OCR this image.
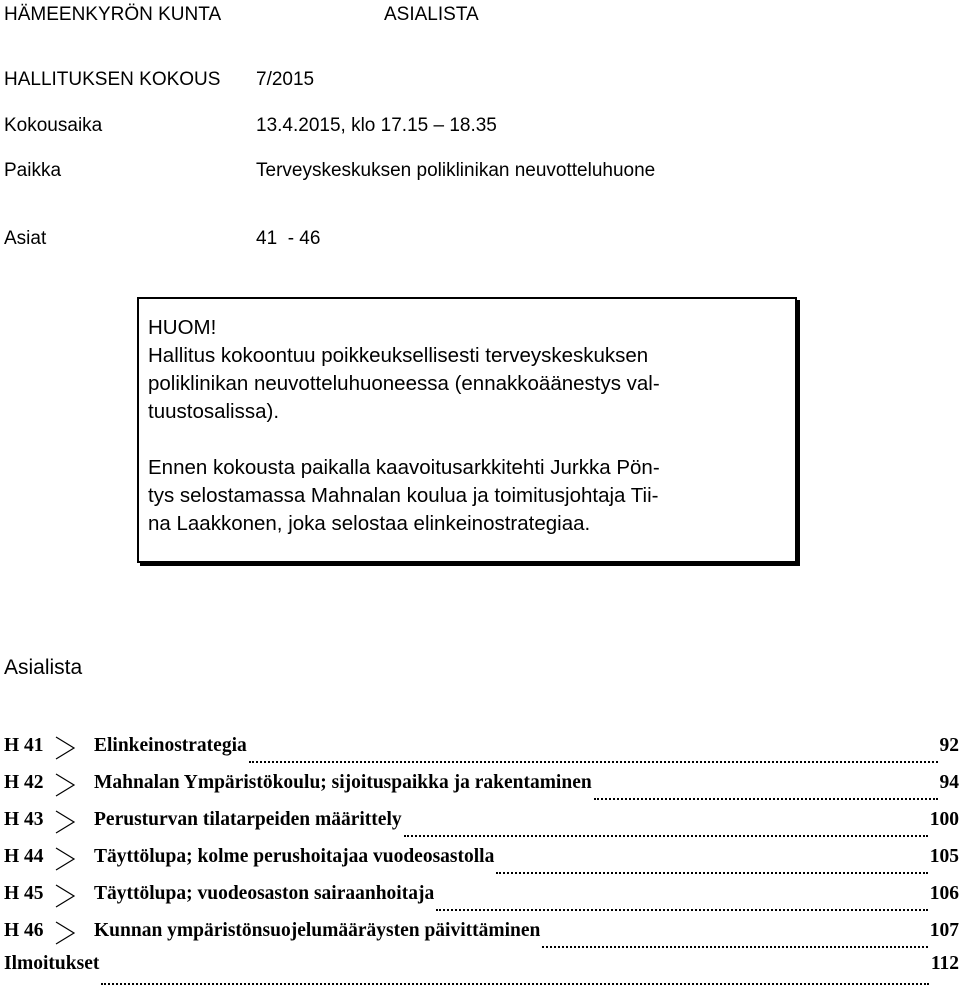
HÄMEENKYRÖN KUNTA	ASIALISTA
HALLITUKSEN KOKOUS 7/2015
Kokousaika	13.4.2015, klo 17.15 – 18.35
Paikka	Terveyskeskuksen poliklinikan neuvotteluhuone
Asiat	41  - 46

HUOM!
Hallitus kokoontuu poikkeuksellisesti terveyskeskuksen
poliklinikan neuvotteluhuoneessa (ennakkoäänestys val-
tuustosalissa).

Ennen kokousta paikalla kaavoitusarkkitehti Jurkka Pön-
tys selostamassa Mahnalan koulua ja toimitusjohtaja Tii-
na Laakkonen, joka selostaa elinkeinostrategiaa.

Asialista
H 41	Elinkeinostrategia	92
H 42	Mahnalan Ympäristökoulu; sijoituspaikka ja rakentaminen	94
H 43	Perusturvan tilatarpeiden määrittely	100
H 44	Täyttölupa; kolme perushoitajaa vuodeosastolla	105
H 45	Täyttölupa; vuodeosaston sairaanhoitaja	106
H 46	Kunnan ympäristönsuojelumääräysten päivittäminen	107
Ilmoitukset	112
